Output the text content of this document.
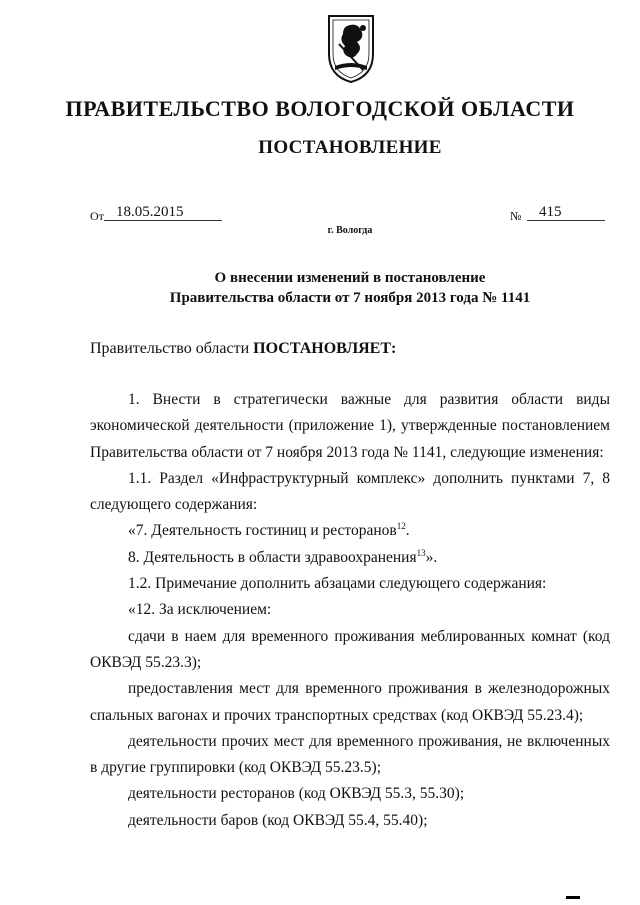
ПРАВИТЕЛЬСТВО ВОЛОГОДСКОЙ ОБЛАСТИ
ПОСТАНОВЛЕНИЕ
От 18.05.2015	№	415
г. Вологда
О внесении изменений в постановление
Правительства области от 7 ноября 2013 года № 1141
Правительство области ПОСТАНОВЛЯЕТ:

1. Внести в стратегически важные для развития области виды экономической деятельности (приложение 1), утвержденные постановлением Правительства области от 7 ноября 2013 года № 1141, следующие изменения:

1.1. Раздел «Инфраструктурный комплекс» дополнить пунктами 7, 8 следующего содержания:

«7. Деятельность гостиниц и ресторанов$^{12}$.

8. Деятельность в области здравоохранения$^{13}$».

1.2. Примечание дополнить абзацами следующего содержания:

«12. За исключением:

сдачи в наем для временного проживания меблированных комнат (код ОКВЭД 55.23.3);

предоставления мест для временного проживания в железнодорожных спальных вагонах и прочих транспортных средствах (код ОКВЭД 55.23.4);

деятельности прочих мест для временного проживания, не включенных в другие группировки (код ОКВЭД 55.23.5);

деятельности ресторанов (код ОКВЭД 55.3, 55.30);

деятельности баров (код ОКВЭД 55.4, 55.40);
